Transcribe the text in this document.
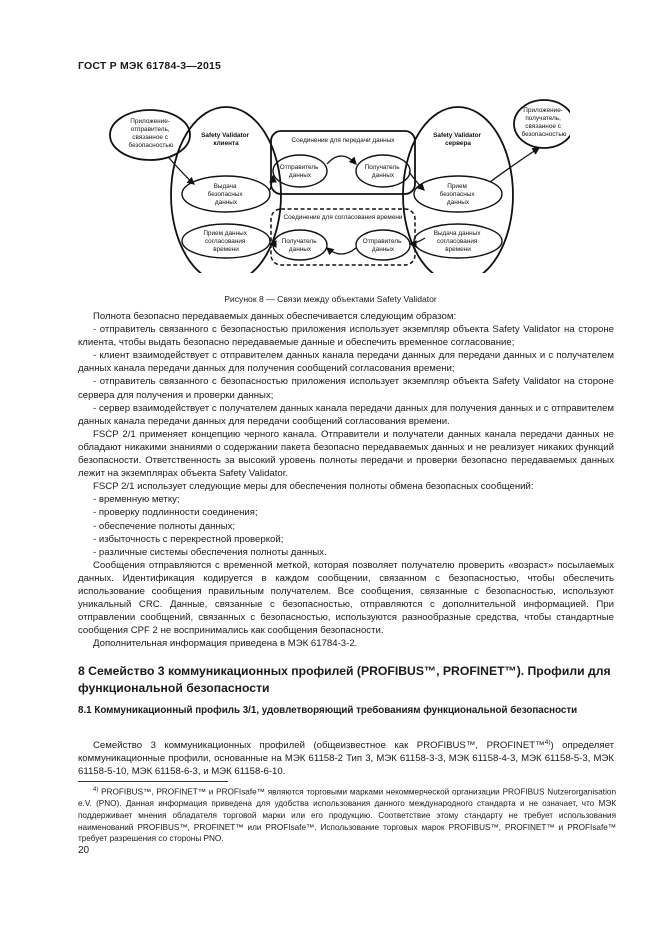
ГОСТ Р МЭК 61784-3—2015
Приложение- отправитель, связанное с безопасностью
Приложение- получатель, связанное с безопасностью
Safety Validator клиента
Safety Validator сервера
Выдача безопасных данных
Прием безопасных данных
Прием данных согласования времени
Выдача данных согласования времени
Соединение для передачи данных
Соединение для согласования времени
Отправитель данных
Получатель данных
Получатель данных
Отправитель данных
Рисунок 8 — Связи между объектами Safety Validator

Полнота безопасно передаваемых данных обеспечивается следующим образом:

- отправитель связанного с безопасностью приложения использует экземпляр объекта Safety Validator на стороне клиента, чтобы выдать безопасно передаваемые данные и обеспечить временное согласование;

- клиент взаимодействует с отправителем данных канала передачи данных для передачи данных и с получателем данных канала передачи данных для получения сообщений согласования времени;

- отправитель связанного с безопасностью приложения использует экземпляр объекта Safety Validator на стороне сервера для получения и проверки данных;

- сервер взаимодействует с получателем данных канала передачи данных для получения данных и с отправителем данных канала передачи данных для передачи сообщений согласования времени.

FSCP 2/1 применяет концепцию черного канала. Отправители и получатели данных канала передачи данных не обладают никакими знаниями о содержании пакета безопасно передаваемых данных и не реализует никаких функций безопасности. Ответственность за высокий уровень полноты передачи и проверки безопасно передаваемых данных лежит на экземплярах объекта Safety Validator.

FSCP 2/1 использует следующие меры для обеспечения полноты обмена безопасных сообщений:

- временную метку;

- проверку подлинности соединения;

- обеспечение полноты данных;

- избыточность с перекрестной проверкой;

- различные системы обеспечения полноты данных.

Сообщения отправляются с временной меткой, которая позволяет получателю проверить «возраст» посылаемых данных. Идентификация кодируется в каждом сообщении, связанном с безопасностью, чтобы обеспечить использование сообщения правильным получателем. Все сообщения, связанные с безопасностью, используют уникальный CRC. Данные, связанные с безопасностью, отправляются с дополнительной информацией. При отправлении сообщений, связанных с безопасностью, используются разнообразные средства, чтобы стандартные сообщения CPF 2 не воспринимались как сообщения безопасности.

Дополнительная информация приведена в МЭК 61784-3-2.

8 Семейство 3 коммуникационных профилей (PROFIBUS™, PROFINET™). Профили для функциональной безопасности
8.1 Коммуникационный профиль 3/1, удовлетворяющий требованиям функциональной безопасности

Семейство 3 коммуникационных профилей (общеизвестное как PROFIBUS™, PROFINET™$^{4)}$) определяет коммуникационные профили, основанные на МЭК 61158-2 Тип 3, МЭК 61158-3-3, МЭК 61158-4-3, МЭК 61158-5-3, МЭК 61158-5-10, МЭК 61158-6-3, и МЭК 61158-6-10.

$^{4)}$ PROFIBUS™, PROFINET™ и PROFIsafe™ являются торговыми марками некоммерческой организации PROFIBUS Nutzerorganisation e.V. (PNO). Данная информация приведена для удобства использования данного международного стандарта и не означает, что МЭК поддерживает мнения обладателя торговой марки или его продукцию. Соответствие этому стандарту не требует использования наименований PROFIBUS™, PROFINET™ или PROFIsafe™. Использование торговых марок PROFIBUS™, PROFINET™ и PROFIsafe™ требует разрешения со стороны PNO.

20
